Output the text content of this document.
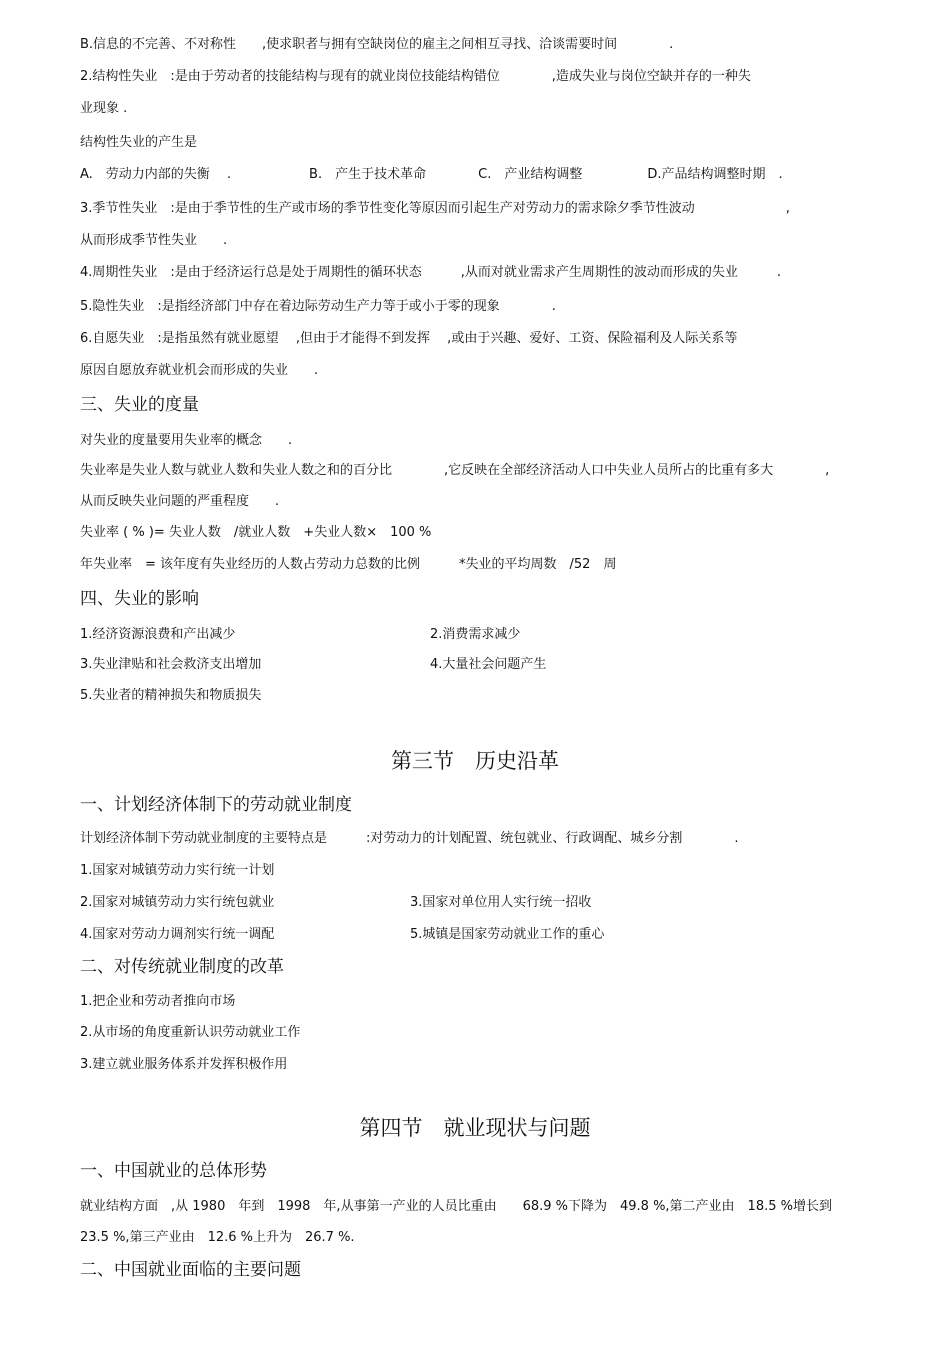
B.信息的不完善、不对称性　　,使求职者与拥有空缺岗位的雇主之间相互寻找、洽谈需要时间　　　　.
2.结构性失业　:是由于劳动者的技能结构与现有的就业岗位技能结构错位　　　　,造成失业与岗位空缺并存的一种失
业现象 .
结构性失业的产生是
A.　劳动力内部的失衡　 .　　　　　　B.　产生于技术革命　　　　C.　产业结构调整　　　　　D.产品结构调整时期　.
3.季节性失业　:是由于季节性的生产或市场的季节性变化等原因而引起生产对劳动力的需求除夕季节性波动　　　　　　　,
从而形成季节性失业　　.
4.周期性失业　:是由于经济运行总是处于周期性的循环状态　　　,从而对就业需求产生周期性的波动而形成的失业　　　.
5.隐性失业　:是指经济部门中存在着边际劳动生产力等于或小于零的现象　　　　.
6.自愿失业　:是指虽然有就业愿望　 ,但由于才能得不到发挥　 ,或由于兴趣、爱好、工资、保险福利及人际关系等
原因自愿放弃就业机会而形成的失业　　.
三、失业的度量
对失业的度量要用失业率的概念　　.
失业率是失业人数与就业人数和失业人数之和的百分比　　　　,它反映在全部经济活动人口中失业人员所占的比重有多大　　　　,
从而反映失业问题的严重程度　　.
失业率 ( % )= 失业人数　/就业人数　+失业人数×　100 %
年失业率　= 该年度有失业经历的人数占劳动力总数的比例　　　*失业的平均周数　/52　周
四、失业的影响
1.经济资源浪费和产出减少	2.消费需求减少
3.失业津贴和社会救济支出增加	4.大量社会问题产生
5.失业者的精神损失和物质损失
第三节　历史沿革
一、计划经济体制下的劳动就业制度
计划经济体制下劳动就业制度的主要特点是　　　:对劳动力的计划配置、统包就业、行政调配、城乡分割　　　　.
1.国家对城镇劳动力实行统一计划
2.国家对城镇劳动力实行统包就业	3.国家对单位用人实行统一招收
4.国家对劳动力调剂实行统一调配	5.城镇是国家劳动就业工作的重心
二、对传统就业制度的改革
1.把企业和劳动者推向市场
2.从市场的角度重新认识劳动就业工作
3.建立就业服务体系并发挥积极作用
第四节　就业现状与问题
一、中国就业的总体形势
就业结构方面　,从 1980　年到　1998　年,从事第一产业的人员比重由　　68.9 %下降为　49.8 %,第二产业由　18.5 %增长到
23.5 %,第三产业由　12.6 %上升为　26.7 %.
二、中国就业面临的主要问题
